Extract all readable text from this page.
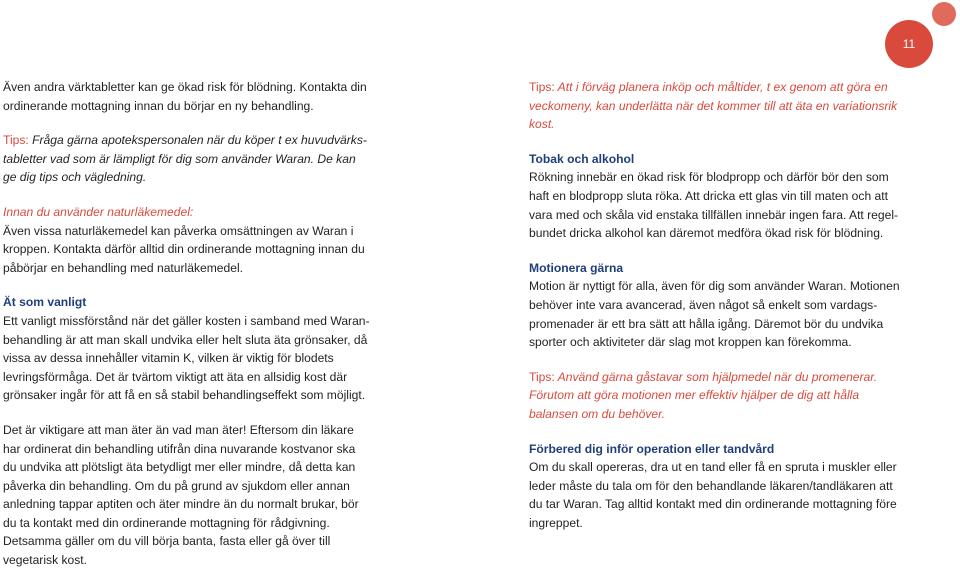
11

Även andra värktabletter kan ge ökad risk för blödning. Kontakta din ordinerande mottagning innan du börjar en ny behandling.

Tips: Fråga gärna apotekspersonalen när du köper t ex huvudvärkstabletter vad som är lämpligt för dig som använder Waran. De kan ge dig tips och vägledning.

Innan du använder naturläkemedel:

Även vissa naturläkemedel kan påverka omsättningen av Waran i kroppen. Kontakta därför alltid din ordinerande mottagning innan du påbörjar en behandling med naturläkemedel.

Ät som vanligt

Ett vanligt missförstånd när det gäller kosten i samband med Waranbehandling är att man skall undvika eller helt sluta äta grönsaker, då vissa av dessa innehåller vitamin K, vilken är viktig för blodets levringsförmåga. Det är tvärtom viktigt att äta en allsidig kost där grönsaker ingår för att få en så stabil behandlingseffekt som möjligt.

Det är viktigare att man äter än vad man äter! Eftersom din läkare har ordinerat din behandling utifrån dina nuvarande kostvanor ska du undvika att plötsligt äta betydligt mer eller mindre, då detta kan påverka din behandling. Om du på grund av sjukdom eller annan anledning tappar aptiten och äter mindre än du normalt brukar, bör du ta kontakt med din ordinerande mottagning för rådgivning. Detsamma gäller om du vill börja banta, fasta eller gå över till vegetarisk kost.

Tips: Att i förväg planera inköp och måltider, t ex genom att göra en veckomeny, kan underlätta när det kommer till att äta en variationsrik kost.

Tobak och alkohol

Rökning innebär en ökad risk för blodpropp och därför bör den som haft en blodpropp sluta röka. Att dricka ett glas vin till maten och att vara med och skåla vid enstaka tillfällen innebär ingen fara. Att regelbundet dricka alkohol kan däremot medföra ökad risk för blödning.

Motionera gärna

Motion är nyttigt för alla, även för dig som använder Waran. Motionen behöver inte vara avancerad, även något så enkelt som vardagspromenader är ett bra sätt att hålla igång. Däremot bör du undvika sporter och aktiviteter där slag mot kroppen kan förekomma.

Tips: Använd gärna gåstavar som hjälpmedel när du promenerar. Förutom att göra motionen mer effektiv hjälper de dig att hålla balansen om du behöver.

Förbered dig inför operation eller tandvård

Om du skall opereras, dra ut en tand eller få en spruta i muskler eller leder måste du tala om för den behandlande läkaren/tandläkaren att du tar Waran. Tag alltid kontakt med din ordinerande mottagning före ingreppet.
